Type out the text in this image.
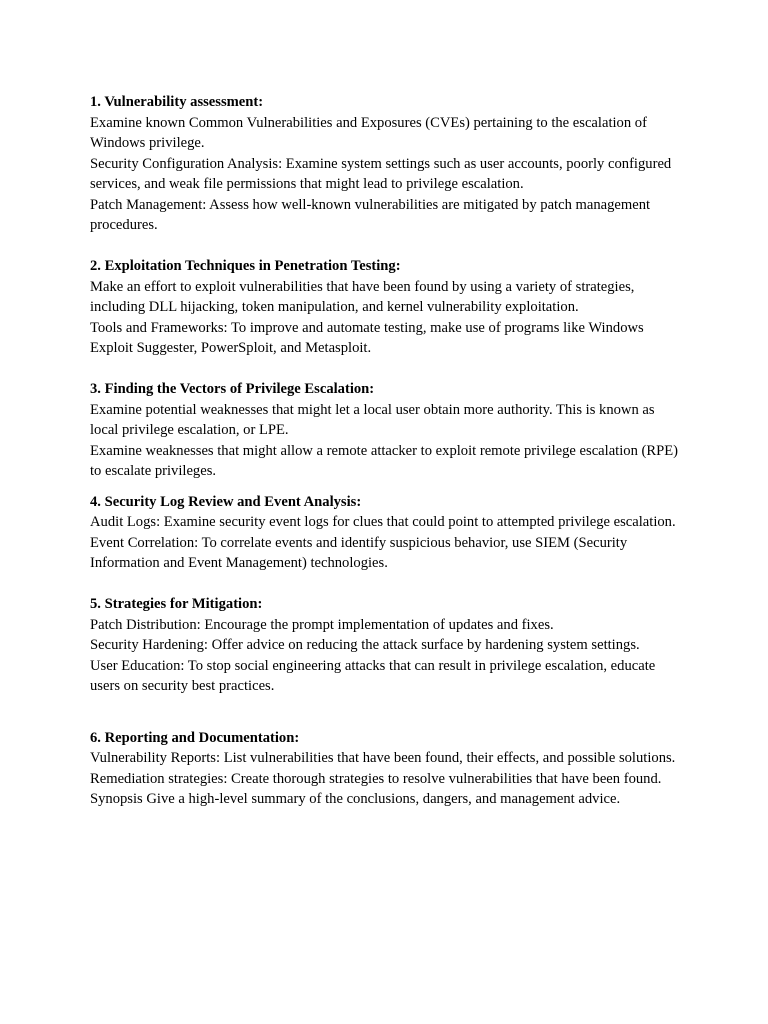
1. Vulnerability assessment:
Examine known Common Vulnerabilities and Exposures (CVEs) pertaining to the escalation of Windows privilege.
Security Configuration Analysis: Examine system settings such as user accounts, poorly configured services, and weak file permissions that might lead to privilege escalation.
Patch Management: Assess how well-known vulnerabilities are mitigated by patch management procedures.
2. Exploitation Techniques in Penetration Testing:
Make an effort to exploit vulnerabilities that have been found by using a variety of strategies, including DLL hijacking, token manipulation, and kernel vulnerability exploitation.
Tools and Frameworks: To improve and automate testing, make use of programs like Windows Exploit Suggester, PowerSploit, and Metasploit.
3. Finding the Vectors of Privilege Escalation:
Examine potential weaknesses that might let a local user obtain more authority. This is known as local privilege escalation, or LPE.
Examine weaknesses that might allow a remote attacker to exploit remote privilege escalation (RPE) to escalate privileges.
4. Security Log Review and Event Analysis:
Audit Logs: Examine security event logs for clues that could point to attempted privilege escalation.
Event Correlation: To correlate events and identify suspicious behavior, use SIEM (Security Information and Event Management) technologies.
5. Strategies for Mitigation:
Patch Distribution: Encourage the prompt implementation of updates and fixes.
Security Hardening: Offer advice on reducing the attack surface by hardening system settings.
User Education: To stop social engineering attacks that can result in privilege escalation, educate users on security best practices.
6. Reporting and Documentation:
Vulnerability Reports: List vulnerabilities that have been found, their effects, and possible solutions.
Remediation strategies: Create thorough strategies to resolve vulnerabilities that have been found.
Synopsis Give a high-level summary of the conclusions, dangers, and management advice.
